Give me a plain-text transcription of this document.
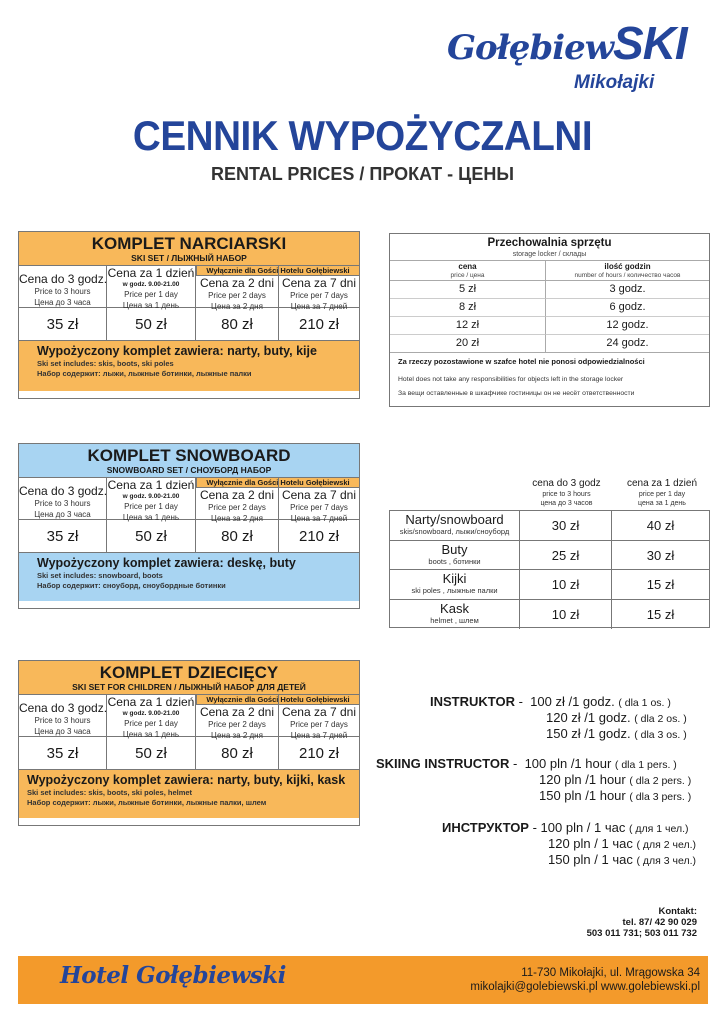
GołębiewSKI
Mikołajki
CENNIK WYPOŻYCZALNI
RENTAL PRICES / ПРОКАТ - ЦЕНЫ
KOMPLET NARCIARSKI
SKI SET / ЛЫЖНЫЙ НАБОР
Wyłącznie dla Gości Hotelu Gołębiewski
Cena do 3 godz.
Price to 3 hours
Цена до 3 часа
Cena za 1 dzień
w godz. 9.00-21.00
Price per 1 day
Цена за 1 день
Cena za 2 dni
Price per 2 days
Цена за 2 дня
Cena za 7 dni
Price per 7 days
Цена за 7 дней
35 zł	50 zł	80 zł	210 zł
Wypożyczony komplet zawiera: narty, buty, kije
Ski set includes: skis, boots, ski poles
Набор содержит: лыжи, лыжные ботинки, лыжные палки
KOMPLET SNOWBOARD
SNOWBOARD SET / СНОУБОРД НАБОР
Wyłącznie dla Gości Hotelu Gołębiewski
Cena do 3 godz.
Price to 3 hours
Цена до 3 часа
Cena za 1 dzień
w godz. 9.00-21.00
Price per 1 day
Цена за 1 день
Cena za 2 dni
Price per 2 days
Цена за 2 дня
Cena za 7 dni
Price per 7 days
Цена за 7 дней
35 zł	50 zł	80 zł	210 zł
Wypożyczony komplet zawiera: deskę, buty
Ski set includes: snowboard, boots
Набор содержит: сноуборд, сноубордные ботинки
KOMPLET DZIECIĘCY
SKI SET FOR CHILDREN / ЛЫЖНЫЙ НАБОР ДЛЯ ДЕТЕЙ
Wyłącznie dla Gości Hotelu Gołębiewski
Cena do 3 godz.
Price to 3 hours
Цена до 3 часа
Cena za 1 dzień
w godz. 9.00-21.00
Price per 1 day
Цена за 1 день
Cena za 2 dni
Price per 2 days
Цена за 2 дня
Cena za 7 dni
Price per 7 days
Цена за 7 дней
35 zł	50 zł	80 zł	210 zł
Wypożyczony komplet zawiera: narty, buty, kijki, kask
Ski set includes: skis, boots, ski poles, helmet
Набор содержит: лыжи, лыжные ботинки, лыжные палки, шлем
Przechowalnia sprzętu
storage locker / склады
cena
price / цена
ilość godzin
number of hours / количество часов
5 zł	3 godz.
8 zł	6 godz.
12 zł	12 godz.
20 zł	24 godz.
Za rzeczy pozostawione w szafce hotel nie ponosi odpowiedzialności
Hotel does not take any responsibilities for objects left in the storage locker
За вещи оставленные в шкафчике гостиницы он не несёт ответственности
cena do 3 godz
price to 3 hours
цена до 3 часов
cena za 1 dzień
price per 1 day
цена за 1 день
Narty/snowboard
skis/snowboard, лыжи/сноуборд	30 zł	40 zł
Buty
boots , ботинки	25 zł	30 zł
Kijki
ski poles , лыжные палки	10 zł	15 zł
Kask
helmet , шлем	10 zł	15 zł
INSTRUKTOR -  100 zł /1 godz. ( dla 1 os. )
120 zł /1 godz. ( dla 2 os. )
150 zł /1 godz. ( dla 3 os. )
SKIING INSTRUCTOR -  100 pln /1 hour ( dla 1 pers. )
120 pln /1 hour ( dla 2 pers. )
150 pln /1 hour ( dla 3 pers. )
ИНСТРУКТОР - 100 pln / 1 час ( для 1 чел.)
120 pln / 1 час ( для 2 чел.)
150 pln / 1 час ( для 3 чел.)
Kontakt:
tel. 87/ 42 90 029
503 011 731; 503 011 732
Hotel Gołębiewski	11-730 Mikołajki, ul. Mrągowska 34
mikolajki@golebiewski.pl www.golebiewski.pl
